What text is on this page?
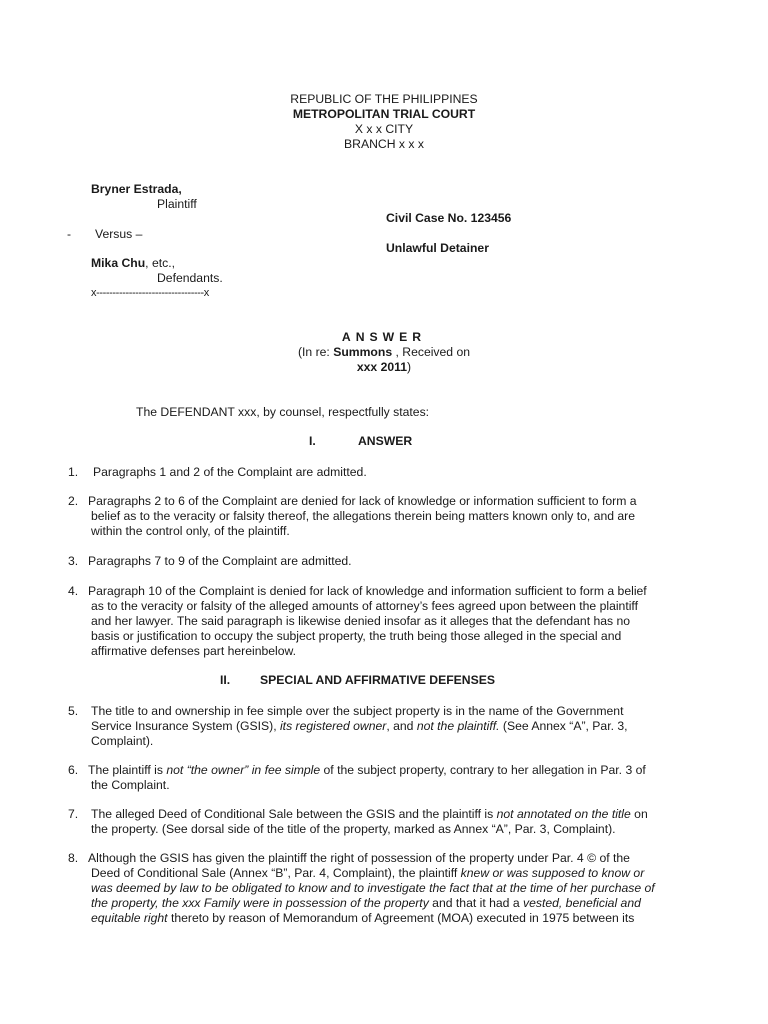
REPUBLIC OF THE PHILIPPINES
METROPOLITAN TRIAL COURT
X x x CITY
BRANCH x x x
Bryner Estrada,
Plaintiff
Civil Case No. 123456
- Versus –
Unlawful Detainer
Mika Chu, etc.,
Defendants.
x---------------------------------x
ANSWER
(In re: Summons , Received on
xxx 2011)
The DEFENDANT xxx, by counsel, respectfully states:
I.	ANSWER
1. Paragraphs 1 and 2 of the Complaint are admitted.
2. Paragraphs 2 to 6 of the Complaint are denied for lack of knowledge or information sufficient to form a
belief as to the veracity or falsity thereof, the allegations therein being matters known only to, and are
within the control only, of the plaintiff.
3. Paragraphs 7 to 9 of the Complaint are admitted.
4. Paragraph 10 of the Complaint is denied for lack of knowledge and information sufficient to form a belief
as to the veracity or falsity of the alleged amounts of attorney’s fees agreed upon between the plaintiff
and her lawyer. The said paragraph is likewise denied insofar as it alleges that the defendant has no
basis or justification to occupy the subject property, the truth being those alleged in the special and
affirmative defenses part hereinbelow.
II. SPECIAL AND AFFIRMATIVE DEFENSES
5. The title to and ownership in fee simple over the subject property is in the name of the Government
Service Insurance System (GSIS), its registered owner, and not the plaintiff. (See Annex “A”, Par. 3,
Complaint).
6. The plaintiff is not “the owner” in fee simple of the subject property, contrary to her allegation in Par. 3 of
the Complaint.
7. The alleged Deed of Conditional Sale between the GSIS and the plaintiff is not annotated on the title on
the property. (See dorsal side of the title of the property, marked as Annex “A”, Par. 3, Complaint).
8. Although the GSIS has given the plaintiff the right of possession of the property under Par. 4 © of the
Deed of Conditional Sale (Annex “B”, Par. 4, Complaint), the plaintiff knew or was supposed to know or
was deemed by law to be obligated to know and to investigate the fact that at the time of her purchase of
the property, the xxx Family were in possession of the property and that it had a vested, beneficial and
equitable right thereto by reason of Memorandum of Agreement (MOA) executed in 1975 between its
